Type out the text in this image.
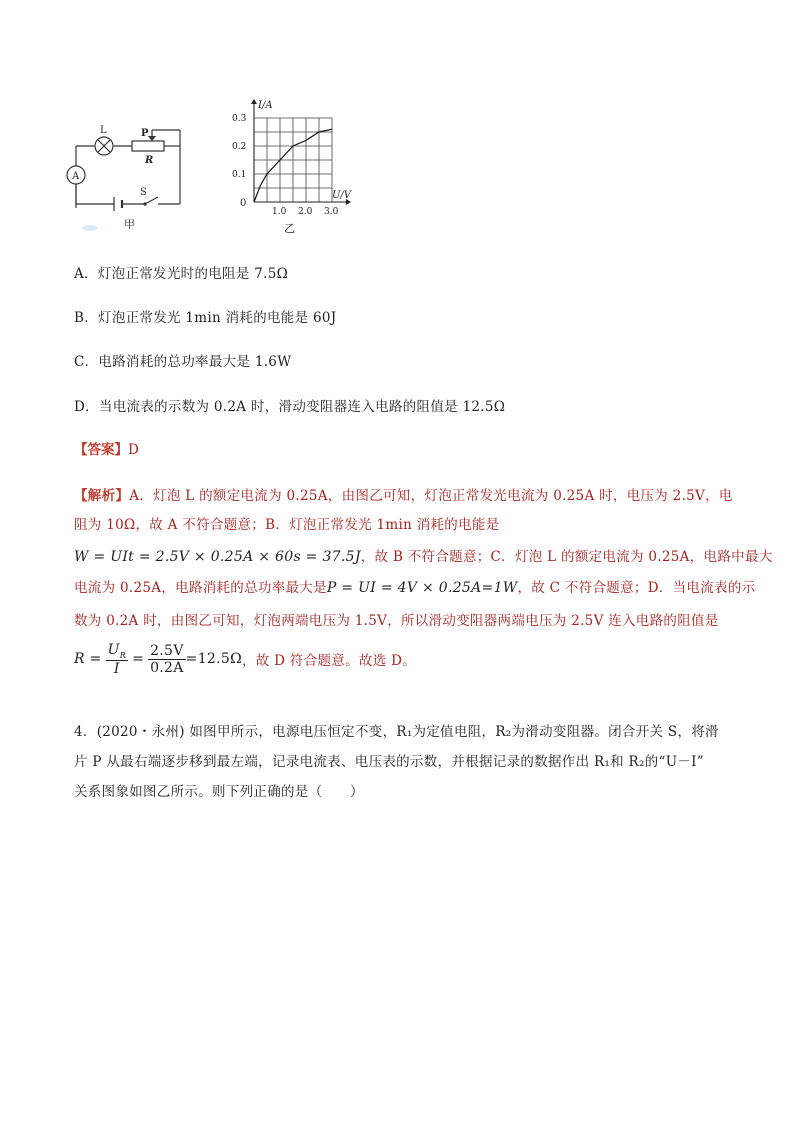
L
R
P
A
S
甲
1.0 2.0 3.0
0.1
0.2
0.3
I/A
U/V
0
乙
A．灯泡正常发光时的电阻是 7.5Ω
B．灯泡正常发光 1min 消耗的电能是 60J
C．电路消耗的总功率最大是 1.6W
D．当电流表的示数为 0.2A 时，滑动变阻器连入电路的阻值是 12.5Ω
【答案】D
【解析】A．灯泡 L 的额定电流为 0.25A，由图乙可知，灯泡正常发光电流为 0.25A 时，电压为 2.5V，电
阻为 10Ω，故 A 不符合题意；B．灯泡正常发光 1min 消耗的电能是
W = UIt = 2.5V × 0.25A × 60s = 37.5J，故 B 不符合题意；C．灯泡 L 的额定电流为 0.25A，电路中最大
电流为 0.25A，电路消耗的总功率最大是P = UI = 4V × 0.25A=1W，故 C 不符合题意；D．当电流表的示
数为 0.2A 时，由图乙可知，灯泡两端电压为 1.5V，所以滑动变阻器两端电压为 2.5V 连入电路的阻值是
$R = \frac{U_R}{I} = \frac{2.5V}{0.2A} =12.5\Omega$ ，故 D 符合题意。故选 D。
4．(2020・永州) 如图甲所示，电源电压恒定不变，R₁为定值电阻，R₂为滑动变阻器。闭合开关 S，将滑
片 P 从最右端逐步移到最左端，记录电流表、电压表的示数，并根据记录的数据作出 R₁和 R₂的“U－I”
关系图象如图乙所示。则下列正确的是（　　）
